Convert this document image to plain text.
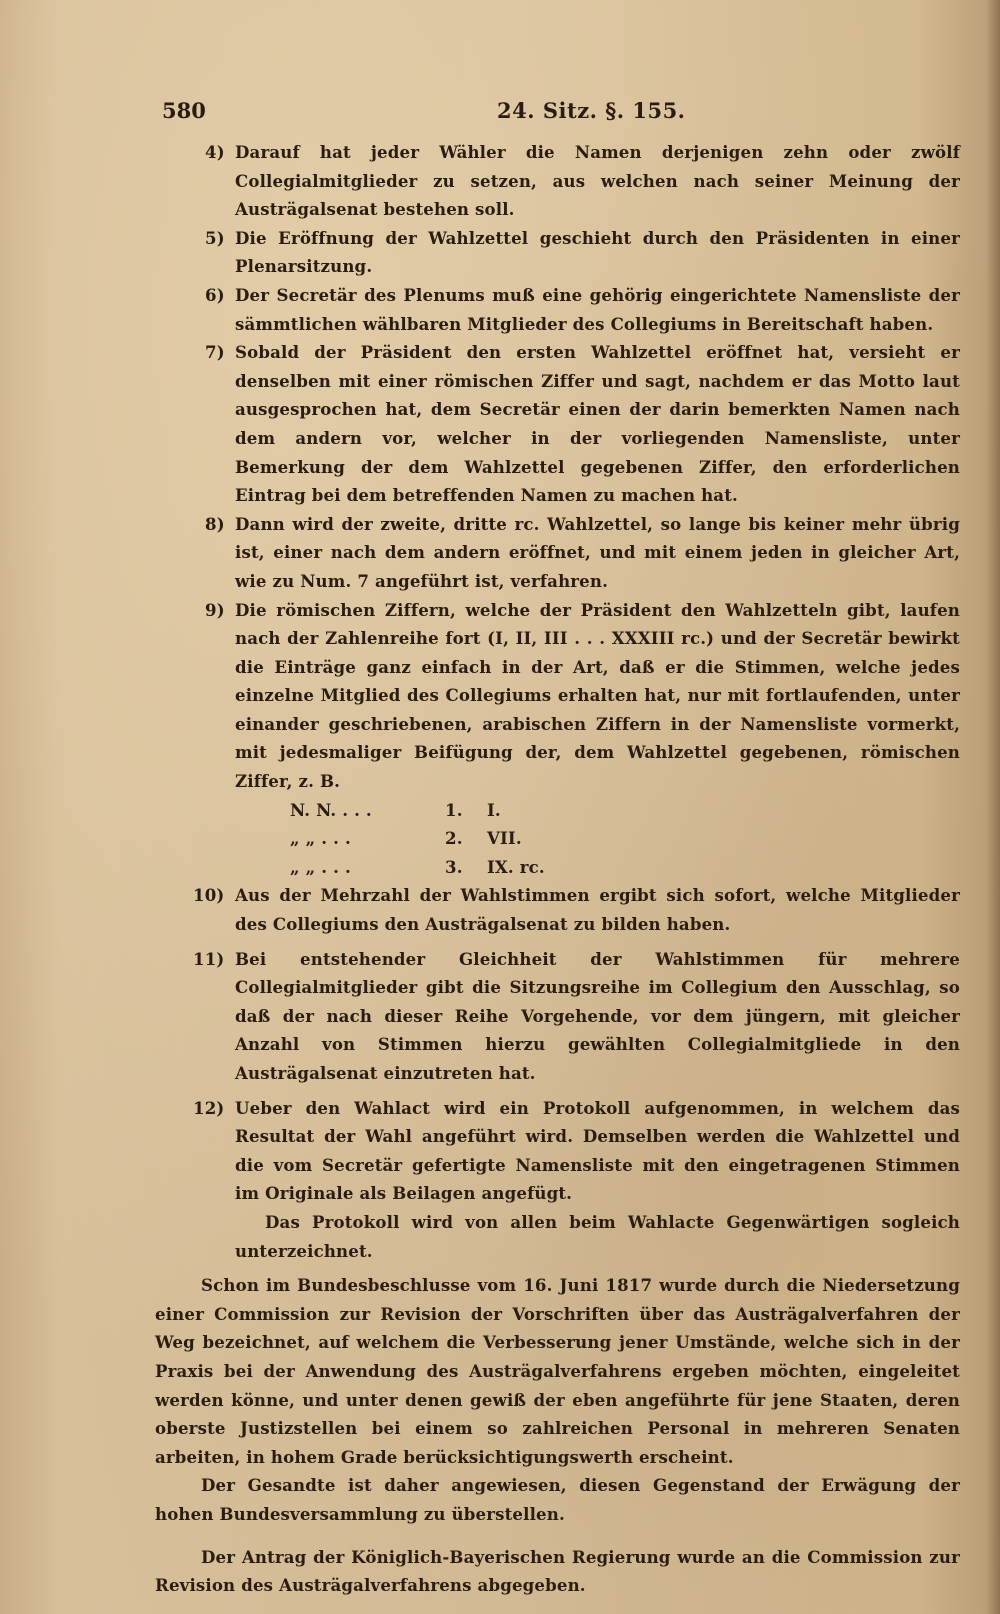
580	24. Sitz. §. 155.
4) Darauf hat jeder Wähler die Namen derjenigen zehn oder zwölf Collegialmitglieder zu setzen, aus welchen nach seiner Meinung der Austrägalsenat bestehen soll.
5) Die Eröffnung der Wahlzettel geschieht durch den Präsidenten in einer Plenarsitzung.
6) Der Secretär des Plenums muß eine gehörig eingerichtete Namensliste der sämmtlichen wählbaren Mitglieder des Collegiums in Bereitschaft haben.
7) Sobald der Präsident den ersten Wahlzettel eröffnet hat, versieht er denselben mit einer römischen Ziffer und sagt, nachdem er das Motto laut ausgesprochen hat, dem Secretär einen der darin bemerkten Namen nach dem andern vor, welcher in der vorliegenden Namensliste, unter Bemerkung der dem Wahlzettel gegebenen Ziffer, den erforderlichen Eintrag bei dem betreffenden Namen zu machen hat.
8) Dann wird der zweite, dritte rc. Wahlzettel, so lange bis keiner mehr übrig ist, einer nach dem andern eröffnet, und mit einem jeden in gleicher Art, wie zu Num. 7 angeführt ist, verfahren.
9) Die römischen Ziffern, welche der Präsident den Wahlzetteln gibt, laufen nach der Zahlenreihe fort (I, II, III . . . XXXIII rc.) und der Secretär bewirkt die Einträge ganz einfach in der Art, daß er die Stimmen, welche jedes einzelne Mitglied des Collegiums erhalten hat, nur mit fortlaufenden, unter einander geschriebenen, arabischen Ziffern in der Namensliste vormerkt, mit jedesmaliger Beifügung der, dem Wahlzettel gegebenen, römischen Ziffer, z. B.
N. N. . . .	1.	I.
„ „ . . .	2.	VII.
„ „ . . .	3.	IX. rc.
10) Aus der Mehrzahl der Wahlstimmen ergibt sich sofort, welche Mitglieder des Collegiums den Austrägalsenat zu bilden haben.
11) Bei entstehender Gleichheit der Wahlstimmen für mehrere Collegialmitglieder gibt die Sitzungsreihe im Collegium den Ausschlag, so daß der nach dieser Reihe Vorgehende, vor dem jüngern, mit gleicher Anzahl von Stimmen hierzu gewählten Collegialmitgliede in den Austrägalsenat einzutreten hat.
12) Ueber den Wahlact wird ein Protokoll aufgenommen, in welchem das Resultat der Wahl angeführt wird. Demselben werden die Wahlzettel und die vom Secretär gefertigte Namensliste mit den eingetragenen Stimmen im Originale als Beilagen angefügt.
Das Protokoll wird von allen beim Wahlacte Gegenwärtigen sogleich unterzeichnet.
Schon im Bundesbeschlusse vom 16. Juni 1817 wurde durch die Niedersetzung einer Commission zur Revision der Vorschriften über das Austrägalverfahren der Weg bezeichnet, auf welchem die Verbesserung jener Umstände, welche sich in der Praxis bei der Anwendung des Austrägalverfahrens ergeben möchten, eingeleitet werden könne, und unter denen gewiß der eben angeführte für jene Staaten, deren oberste Justizstellen bei einem so zahlreichen Personal in mehreren Senaten arbeiten, in hohem Grade berücksichtigungswerth erscheint.
Der Gesandte ist daher angewiesen, diesen Gegenstand der Erwägung der hohen Bundesversammlung zu überstellen.
Der Antrag der Königlich-Bayerischen Regierung wurde an die Commission zur Revision des Austrägalverfahrens abgegeben.
